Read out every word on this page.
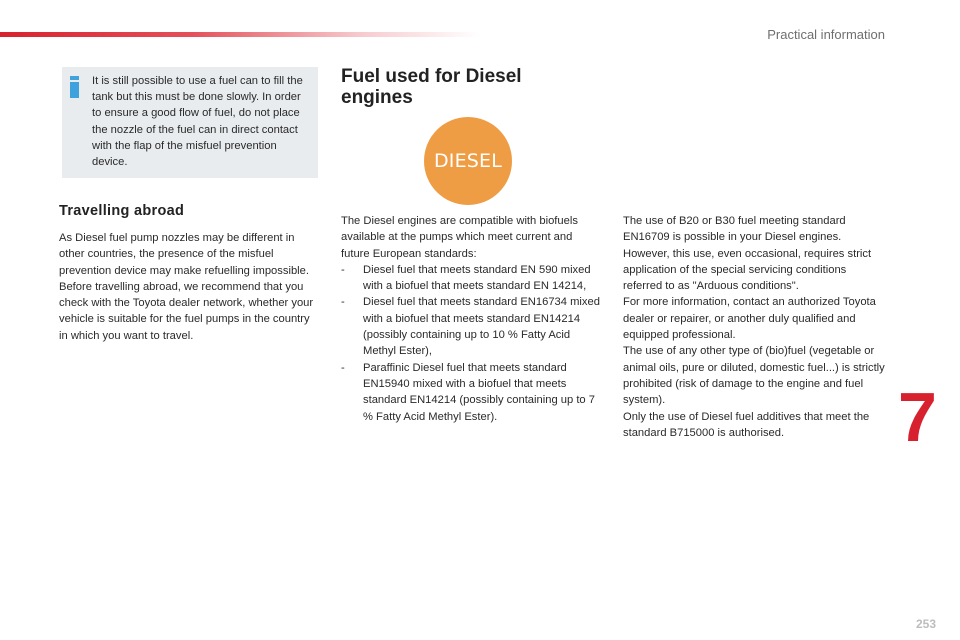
Practical information
It is still possible to use a fuel can to fill the tank but this must be done slowly. In order to ensure a good flow of fuel, do not place the nozzle of the fuel can in direct contact with the flap of the misfuel prevention device.
Travelling abroad

As Diesel fuel pump nozzles may be different in other countries, the presence of the misfuel prevention device may make refuelling impossible.

Before travelling abroad, we recommend that you check with the Toyota dealer network, whether your vehicle is suitable for the fuel pumps in the country in which you want to travel.

Fuel used for Diesel engines
DIESEL

The Diesel engines are compatible with biofuels available at the pumps which meet current and future European standards:

- Diesel fuel that meets standard EN 590 mixed with a biofuel that meets standard EN 14214,

- Diesel fuel that meets standard EN16734 mixed with a biofuel that meets standard EN14214 (possibly containing up to 10 % Fatty Acid Methyl Ester),

- Paraffinic Diesel fuel that meets standard EN15940 mixed with a biofuel that meets standard EN14214 (possibly containing up to 7 % Fatty Acid Methyl Ester).

The use of B20 or B30 fuel meeting standard EN16709 is possible in your Diesel engines. However, this use, even occasional, requires strict application of the special servicing conditions referred to as "Arduous conditions".

For more information, contact an authorized Toyota dealer or repairer, or another duly qualified and equipped professional.

The use of any other type of (bio)fuel (vegetable or animal oils, pure or diluted, domestic fuel...) is strictly prohibited (risk of damage to the engine and fuel system).

Only the use of Diesel fuel additives that meet the standard B715000 is authorised.	7
253
